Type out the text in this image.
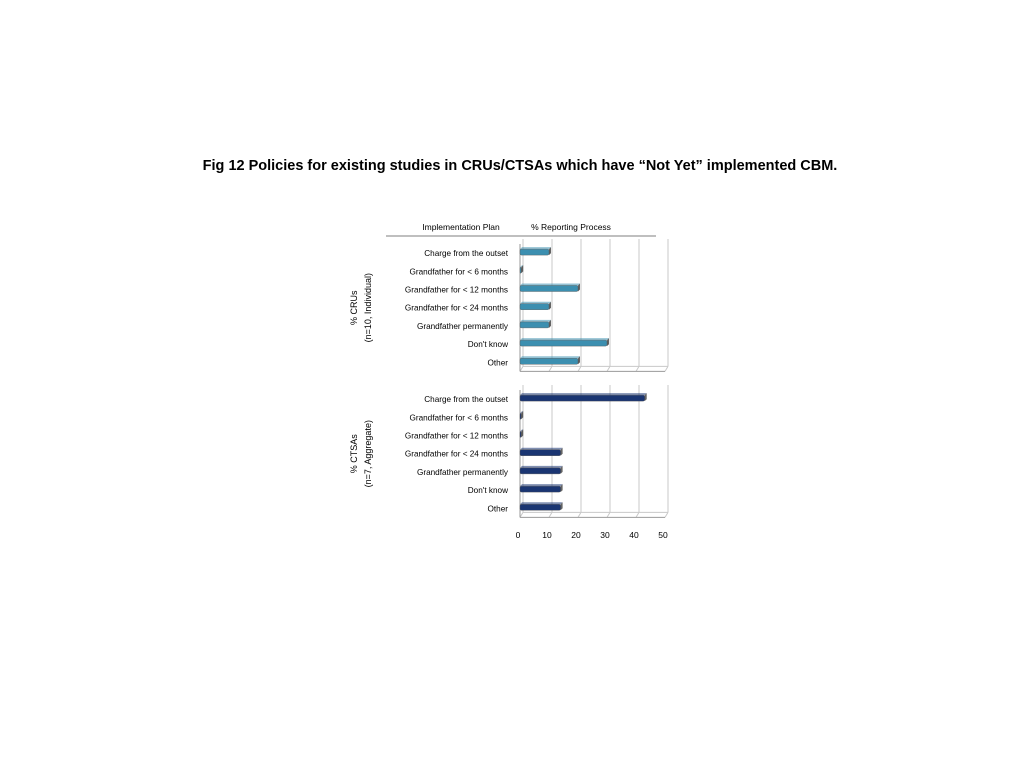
Fig 12 Policies for existing studies in CRUs/CTSAs which have “Not Yet” implemented CBM.
Implementation Plan	% Reporting Process
Charge from the outset
Grandfather for < 6 months
Grandfather for < 12 months
Grandfather for < 24 months
Grandfather permanently
Don't know
Other
% CRUs (n=10, Individual)
Charge from the outset
Grandfather for < 6 months
Grandfather for < 12 months
Grandfather for < 24 months
Grandfather permanently
Don't know
Other
% CTSAs (n=7, Aggregate)
0	10 20 30 40 50
